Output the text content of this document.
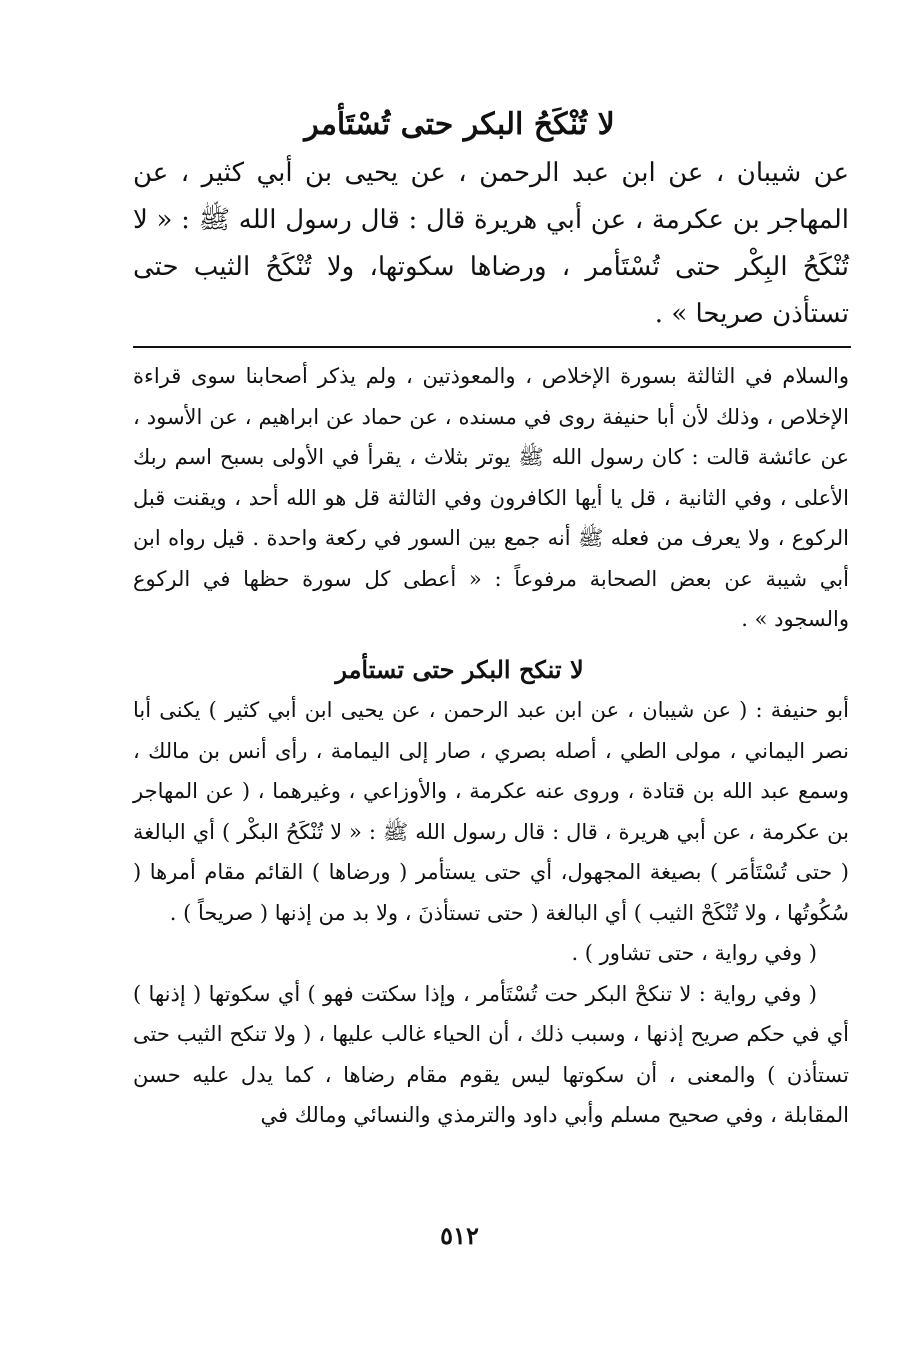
لا تُنْكَحُ البكر حتى تُسْتَأمر
عن شيبان ، عن ابن عبد الرحمن ، عن يحيى بن أبي كثير ، عن المهاجر بن عكرمة ، عن أبي هريرة قال : قال رسول الله ﷺ : « لا تُنْكَحُ البِكْر حتى تُسْتَأمر ، ورضاها سكوتها، ولا تُنْكَحُ الثيب حتى تستأذن صريحا » .

والسلام في الثالثة بسورة الإخلاص ، والمعوذتين ، ولم يذكر أصحابنا سوى قراءة الإخلاص ، وذلك لأن أبا حنيفة روى في مسنده ، عن حماد عن ابراهيم ، عن الأسود ، عن عائشة قالت : كان رسول الله ﷺ يوتر بثلاث ، يقرأ في الأولى بسبح اسم ربك الأعلى ، وفي الثانية ، قل يا أيها الكافرون وفي الثالثة قل هو الله أحد ، ويقنت قبل الركوع ، ولا يعرف من فعله ﷺ أنه جمع بين السور في ركعة واحدة . قيل رواه ابن أبي شيبة عن بعض الصحابة مرفوعاً : « أعطى كل سورة حظها في الركوع والسجود » .

لا تنكح البكر حتى تستأمر

أبو حنيفة : ( عن شيبان ، عن ابن عبد الرحمن ، عن يحيى ابن أبي كثير ) يكنى أبا نصر اليماني ، مولى الطي ، أصله بصري ، صار إلى اليمامة ، رأى أنس بن مالك ، وسمع عبد الله بن قتادة ، وروى عنه عكرمة ، والأوزاعي ، وغيرهما ، ( عن المهاجر بن عكرمة ، عن أبي هريرة ، قال : قال رسول الله ﷺ : « لا تُنْكَحُ البكْر ) أي البالغة ( حتى تُسْتَأمَر ) بصيغة المجهول، أي حتى يستأمر ( ورضاها ) القائم مقام أمرها ( سُكُوتُها ، ولا تُنْكَحْ الثيب ) أي البالغة ( حتى تستأذنَ ، ولا بد من إذنها ( صريحاً ) .

( وفي رواية ، حتى تشاور ) .

( وفي رواية : لا تنكحْ البكر حت تُسْتَأمر ، وإذا سكتت فهو ) أي سكوتها ( إذنها ) أي في حكم صريح إذنها ، وسبب ذلك ، أن الحياء غالب عليها ، ( ولا تنكح الثيب حتى تستأذن ) والمعنى ، أن سكوتها ليس يقوم مقام رضاها ، كما يدل عليه حسن المقابلة ، وفي صحيح مسلم وأبي داود والترمذي والنسائي ومالك في

٥١٢
